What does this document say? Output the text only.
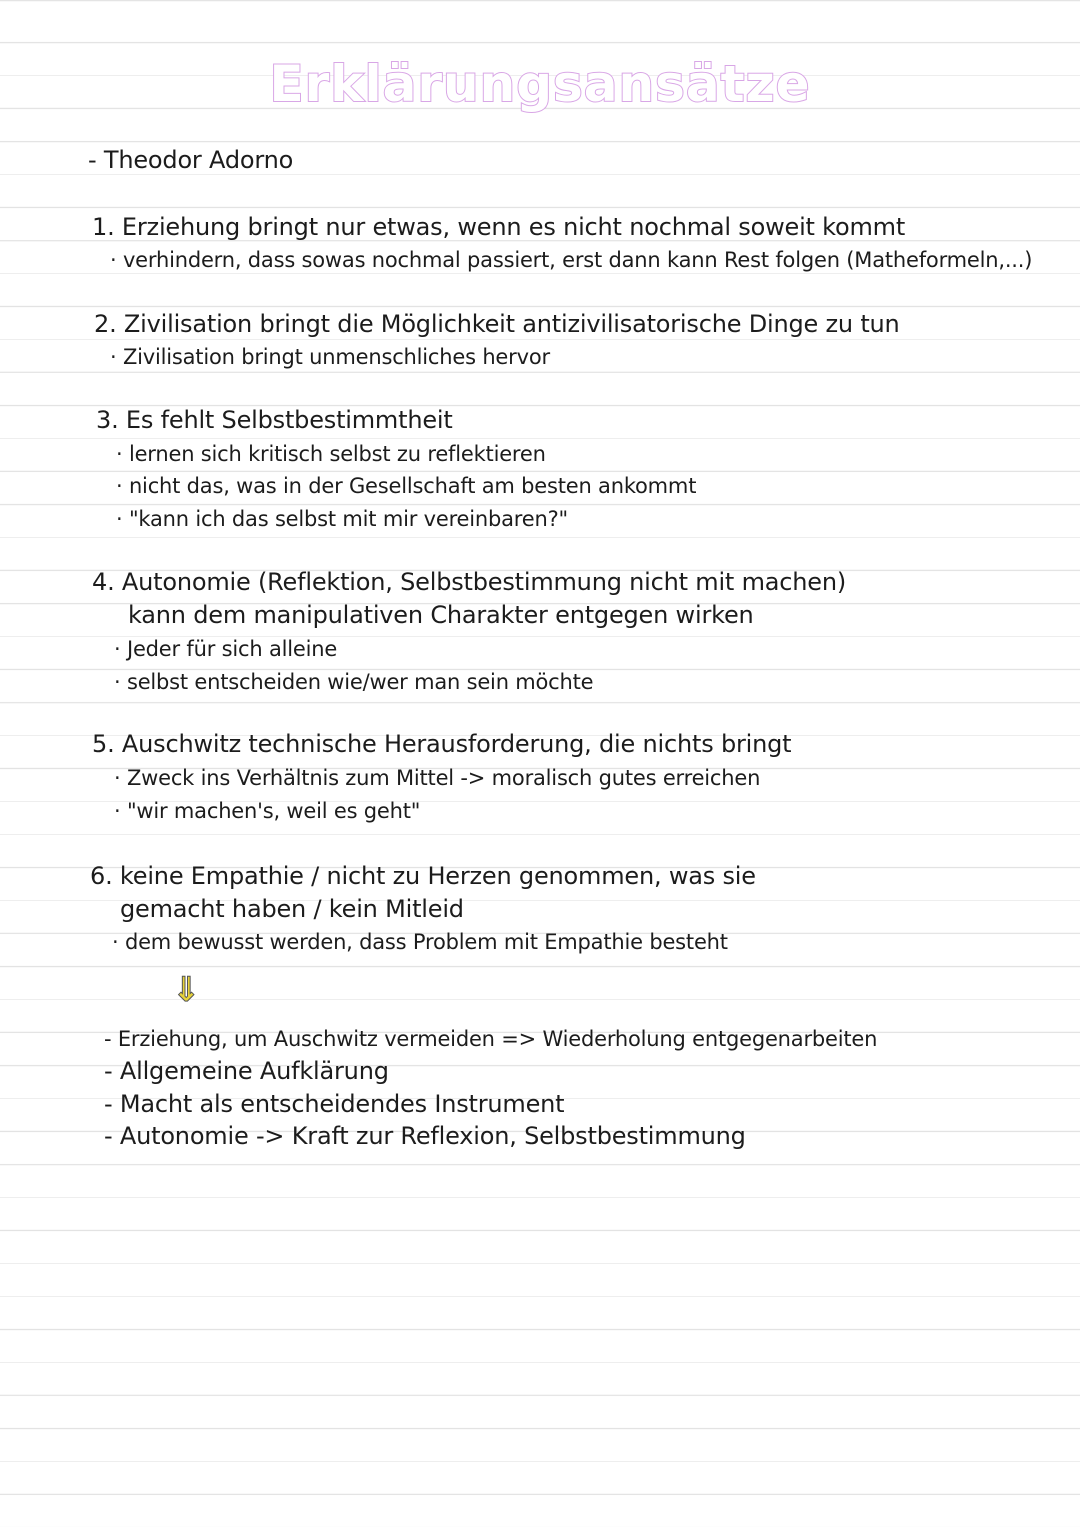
Erklärungsansätze
- Theodor Adorno
1. Erziehung bringt nur etwas, wenn es nicht nochmal soweit kommt
· verhindern, dass sowas nochmal passiert, erst dann kann Rest folgen (Matheformeln,...)
2. Zivilisation bringt die Möglichkeit antizivilisatorische Dinge zu tun
· Zivilisation bringt unmenschliches hervor
3. Es fehlt Selbstbestimmtheit
· lernen sich kritisch selbst zu reflektieren
· nicht das, was in der Gesellschaft am besten ankommt
· "kann ich das selbst mit mir vereinbaren?"
4. Autonomie (Reflektion, Selbstbestimmung nicht mit machen)
kann dem manipulativen Charakter entgegen wirken
· Jeder für sich alleine
· selbst entscheiden wie/wer man sein möchte
5. Auschwitz technische Herausforderung, die nichts bringt
· Zweck ins Verhältnis zum Mittel -> moralisch gutes erreichen
· "wir machen's, weil es geht"
6. keine Empathie / nicht zu Herzen genommen, was sie
gemacht haben / kein Mitleid
· dem bewusst werden, dass Problem mit Empathie besteht
⇓
- Erziehung, um Auschwitz vermeiden => Wiederholung entgegenarbeiten
- Allgemeine Aufklärung
- Macht als entscheidendes Instrument
- Autonomie -> Kraft zur Reflexion, Selbstbestimmung
